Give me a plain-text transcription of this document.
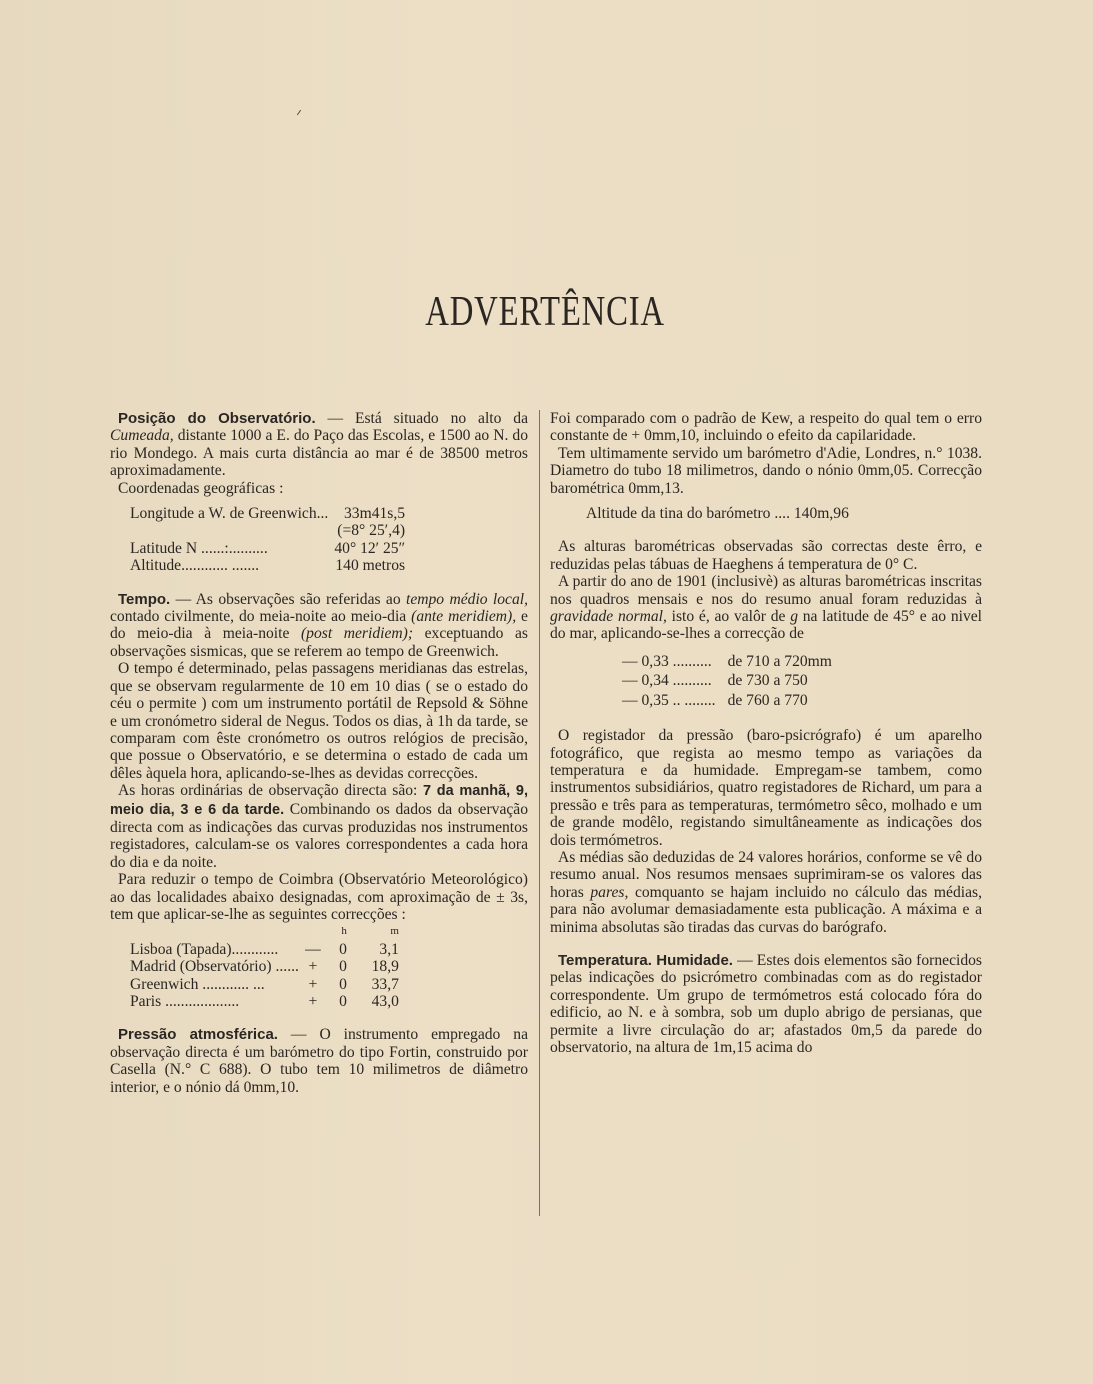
ADVERTÊNCIA

Posição do Observatório. — Está situado no alto da Cumeada, distante 1000 a E. do Paço das Escolas, e 1500 ao N. do rio Mondego. A mais curta distância ao mar é de 38500 metros aproximadamente.

Coordenadas geográficas :

Longitude a W. de Greenwich...	33m41s,5
	(=8° 25′,4)
Latitude N ......:..........	40° 12′ 25″
Altitude............ .......	140 metros

Tempo. — As observações são referidas ao tempo médio local, contado civilmente, do meia-noite ao meio-dia (ante meridiem), e do meio-dia à meia-noite (post meridiem); exceptuando as observações sismicas, que se referem ao tempo de Greenwich.

O tempo é determinado, pelas passagens meridianas das estrelas, que se observam regularmente de 10 em 10 dias ( se o estado do céu o permite ) com um instrumento portátil de Repsold & Söhne e um cronómetro sideral de Negus. Todos os dias, à 1h da tarde, se comparam com êste cronómetro os outros relógios de precisão, que possue o Observatório, e se determina o estado de cada um dêles àquela hora, aplicando-se-lhes as devidas correcções.

As horas ordinárias de observação directa são: 7 da manhã, 9, meio dia, 3 e 6 da tarde. Combinando os dados da observação directa com as indicações das curvas produzidas nos instrumentos registadores, calculam-se os valores correspondentes a cada hora do dia e da noite.

Para reduzir o tempo de Coimbra (Observatório Meteorológico) ao das localidades abaixo designadas, com aproximação de ± 3s, tem que aplicar-se-lhe as seguintes correcções :

		h	m
Lisboa (Tapada)............	—	0	3,1
Madrid (Observatório) ......	+	0	18,9
Greenwich ............ ...	+	0	33,7
Paris ...................	+	0	43,0

Pressão atmosférica. — O instrumento empregado na observação directa é um barómetro do tipo Fortin, construido por Casella (N.° C 688). O tubo tem 10 milimetros de diâmetro interior, e o nónio dá 0mm,10.

Foi comparado com o padrão de Kew, a respeito do qual tem o erro constante de + 0mm,10, incluindo o efeito da capilaridade.

Tem ultimamente servido um barómetro d'Adie, Londres, n.° 1038. Diametro do tubo 18 milimetros, dando o nónio 0mm,05. Correcção barométrica 0mm,13.

Altitude da tina do barómetro .... 140m,96

As alturas barométricas observadas são correctas deste êrro, e reduzidas pelas tábuas de Haeghens á temperatura de 0° C.

A partir do ano de 1901 (inclusivè) as alturas barométricas inscritas nos quadros mensais e nos do resumo anual foram reduzidas à gravidade normal, isto é, ao valôr de g na latitude de 45° e ao nivel do mar, aplicando-se-lhes a correcção de

— 0,33 ..........	de 710 a 720mm
— 0,34 ..........	de 730 a 750
— 0,35 .. ........	de 760 a 770

O registador da pressão (baro-psicrógrafo) é um aparelho fotográfico, que regista ao mesmo tempo as variações da temperatura e da humidade. Empregam-se tambem, como instrumentos subsidiários, quatro registadores de Richard, um para a pressão e três para as temperaturas, termómetro sêco, molhado e um de grande modêlo, registando simultâneamente as indicações dos dois termómetros.

As médias são deduzidas de 24 valores horários, conforme se vê do resumo anual. Nos resumos mensaes suprimiram-se os valores das horas pares, comquanto se hajam incluido no cálculo das médias, para não avolumar demasiadamente esta publicação. A máxima e a minima absolutas são tiradas das curvas do barógrafo.

Temperatura. Humidade. — Estes dois elementos são fornecidos pelas indicações do psicrómetro combinadas com as do registador correspondente. Um grupo de termómetros está colocado fóra do edificio, ao N. e à sombra, sob um duplo abrigo de persianas, que permite a livre circulação do ar; afastados 0m,5 da parede do observatorio, na altura de 1m,15 acima do
